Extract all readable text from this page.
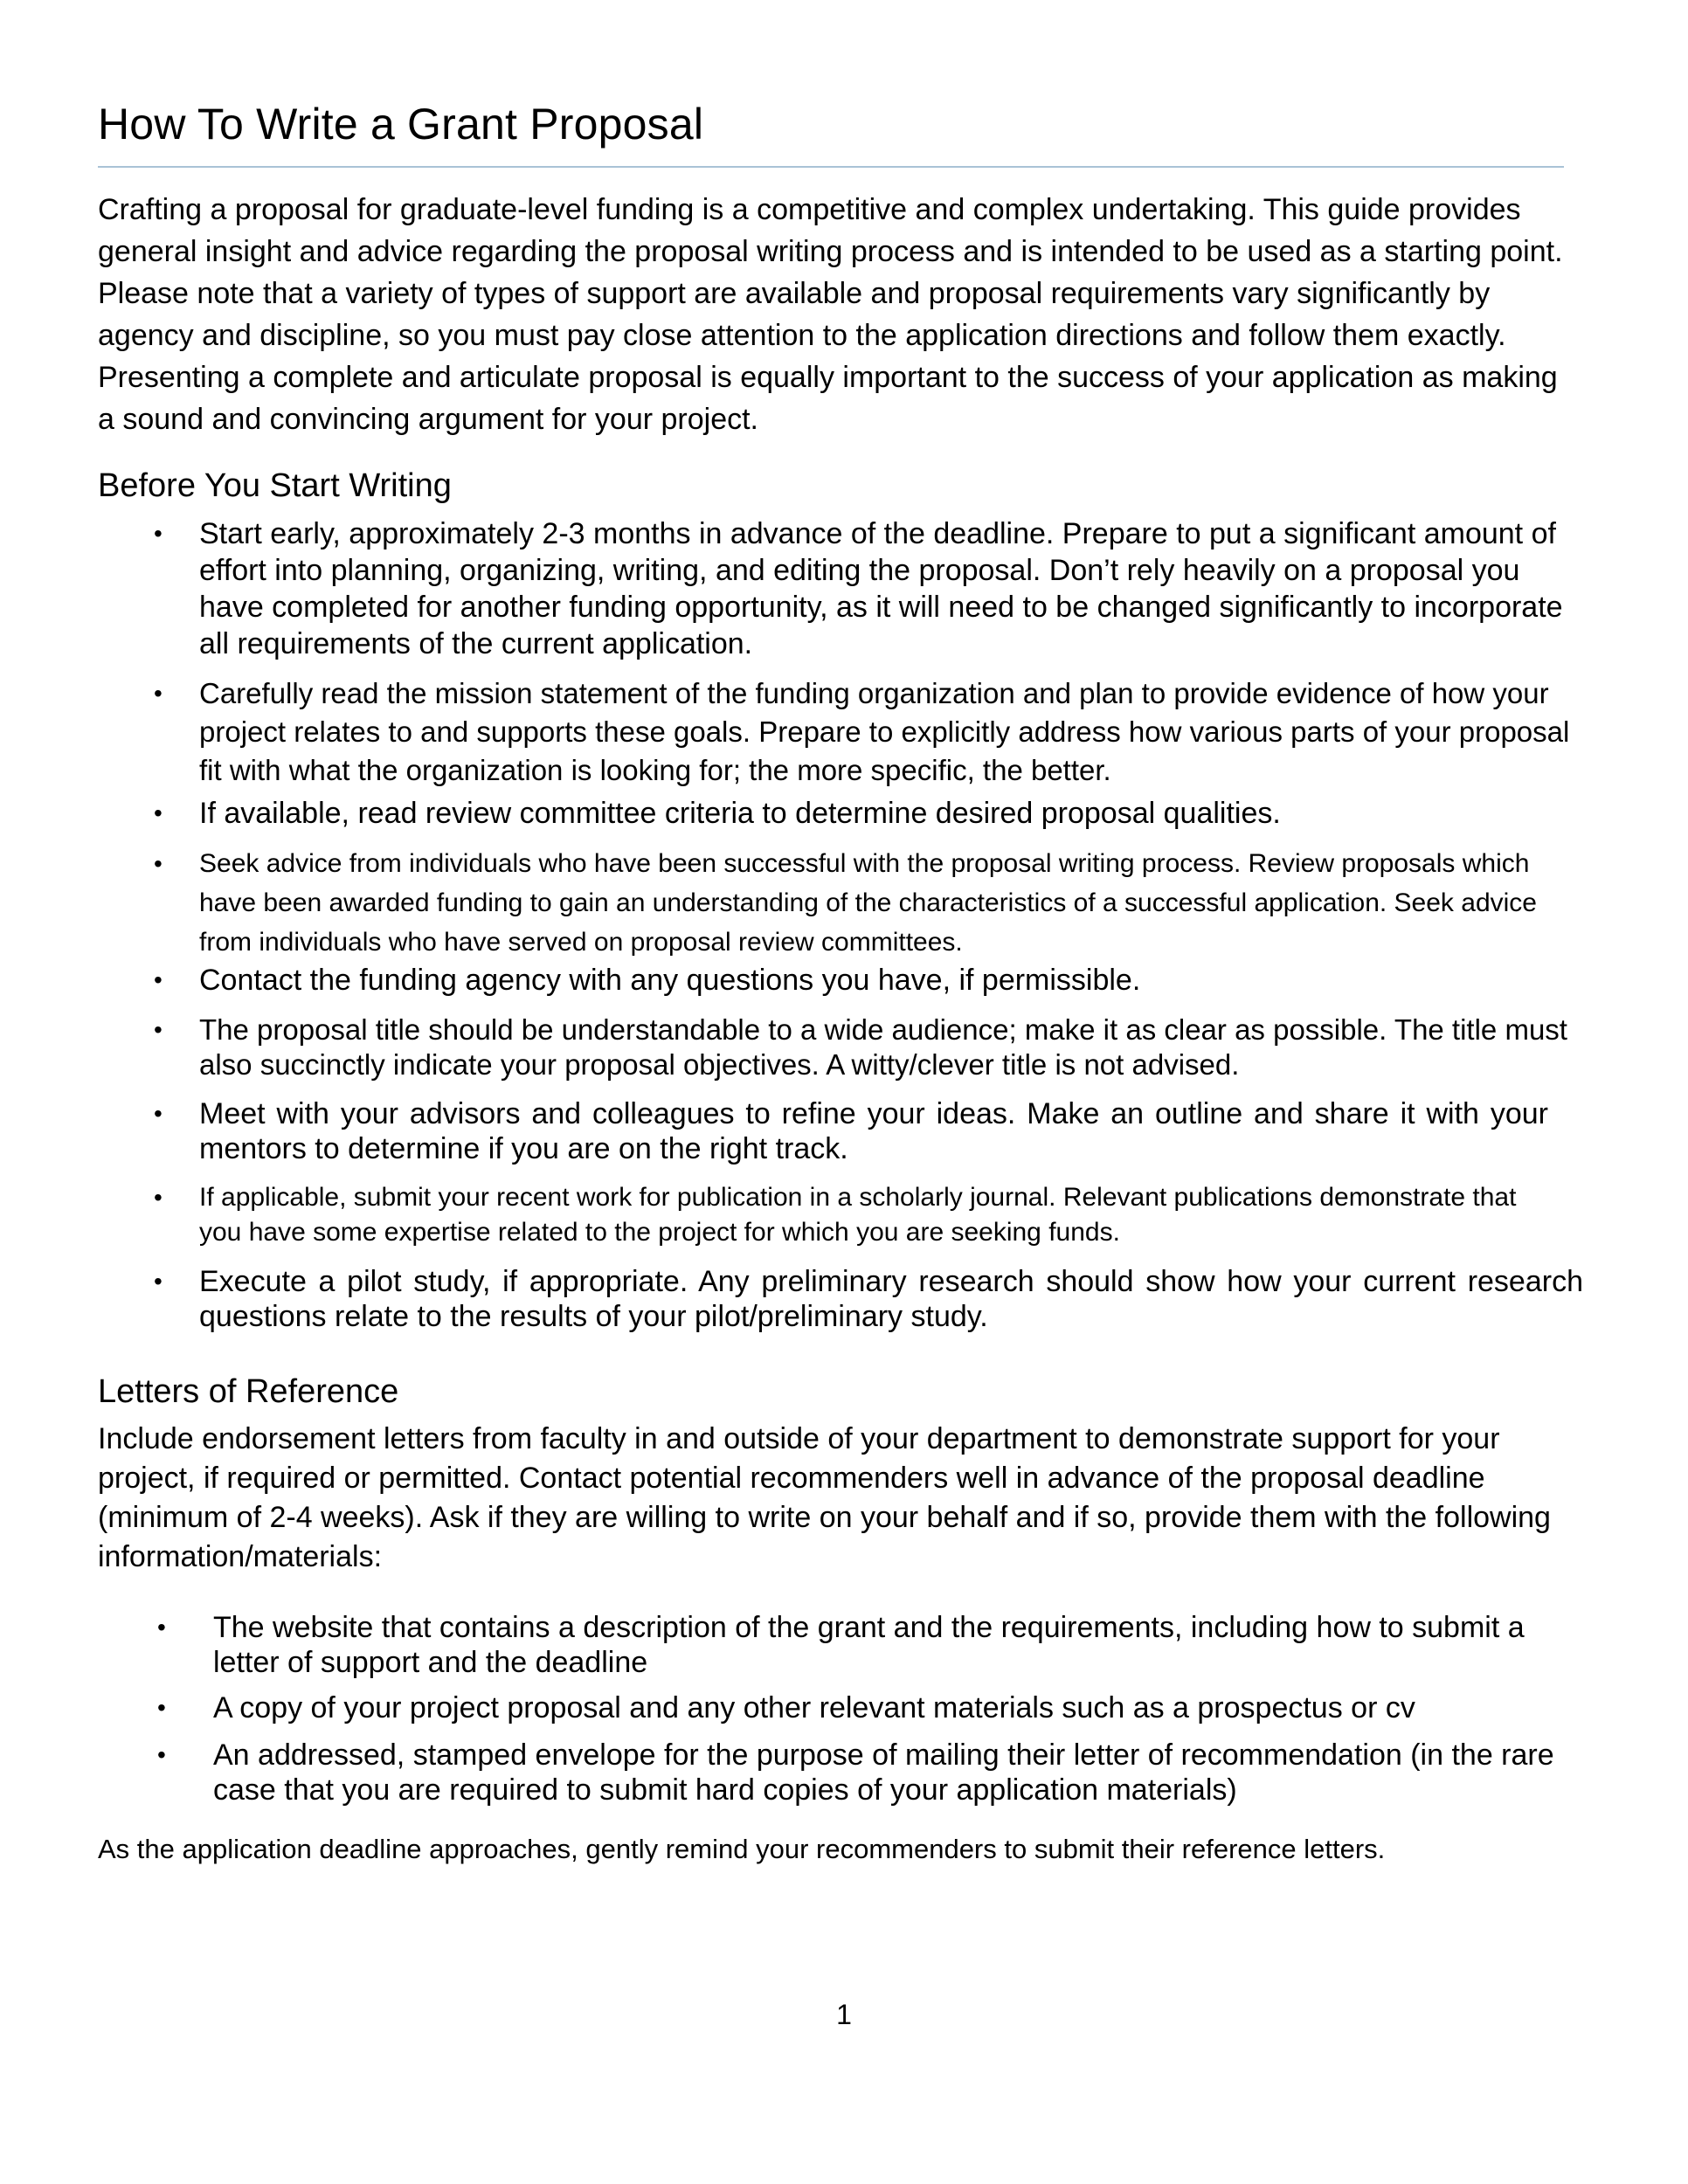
How To Write a Grant Proposal

Crafting a proposal for graduate-level funding is a competitive and complex undertaking. This guide provides general insight and advice regarding the proposal writing process and is intended to be used as a starting point. Please note that a variety of types of support are available and proposal requirements vary significantly by agency and discipline, so you must pay close attention to the application directions and follow them exactly. Presenting a complete and articulate proposal is equally important to the success of your application as making a sound and convincing argument for your project.

Before You Start Writing
• Start early, approximately 2-3 months in advance of the deadline. Prepare to put a significant amount of effort into planning, organizing, writing, and editing the proposal. Don’t rely heavily on a proposal you have completed for another funding opportunity, as it will need to be changed significantly to incorporate all requirements of the current application.
• Carefully read the mission statement of the funding organization and plan to provide evidence of how your project relates to and supports these goals. Prepare to explicitly address how various parts of your proposal fit with what the organization is looking for; the more specific, the better.
• If available, read review committee criteria to determine desired proposal qualities.
• Seek advice from individuals who have been successful with the proposal writing process. Review proposals which have been awarded funding to gain an understanding of the characteristics of a successful application. Seek advice from individuals who have served on proposal review committees.
• Contact the funding agency with any questions you have, if permissible.
• The proposal title should be understandable to a wide audience; make it as clear as possible. The title must also succinctly indicate your proposal objectives. A witty/clever title is not advised.
• Meet with your advisors and colleagues to refine your ideas. Make an outline and share it with your mentors to determine if you are on the right track.
• If applicable, submit your recent work for publication in a scholarly journal. Relevant publications demonstrate that you have some expertise related to the project for which you are seeking funds.
• Execute a pilot study, if appropriate. Any preliminary research should show how your current research questions relate to the results of your pilot/preliminary study.
Letters of Reference

Include endorsement letters from faculty in and outside of your department to demonstrate support for your project, if required or permitted. Contact potential recommenders well in advance of the proposal deadline (minimum of 2-4 weeks). Ask if they are willing to write on your behalf and if so, provide them with the following information/materials:

• The website that contains a description of the grant and the requirements, including how to submit a letter of support and the deadline
• A copy of your project proposal and any other relevant materials such as a prospectus or cv
• An addressed, stamped envelope for the purpose of mailing their letter of recommendation (in the rare case that you are required to submit hard copies of your application materials)

As the application deadline approaches, gently remind your recommenders to submit their reference letters.

1
